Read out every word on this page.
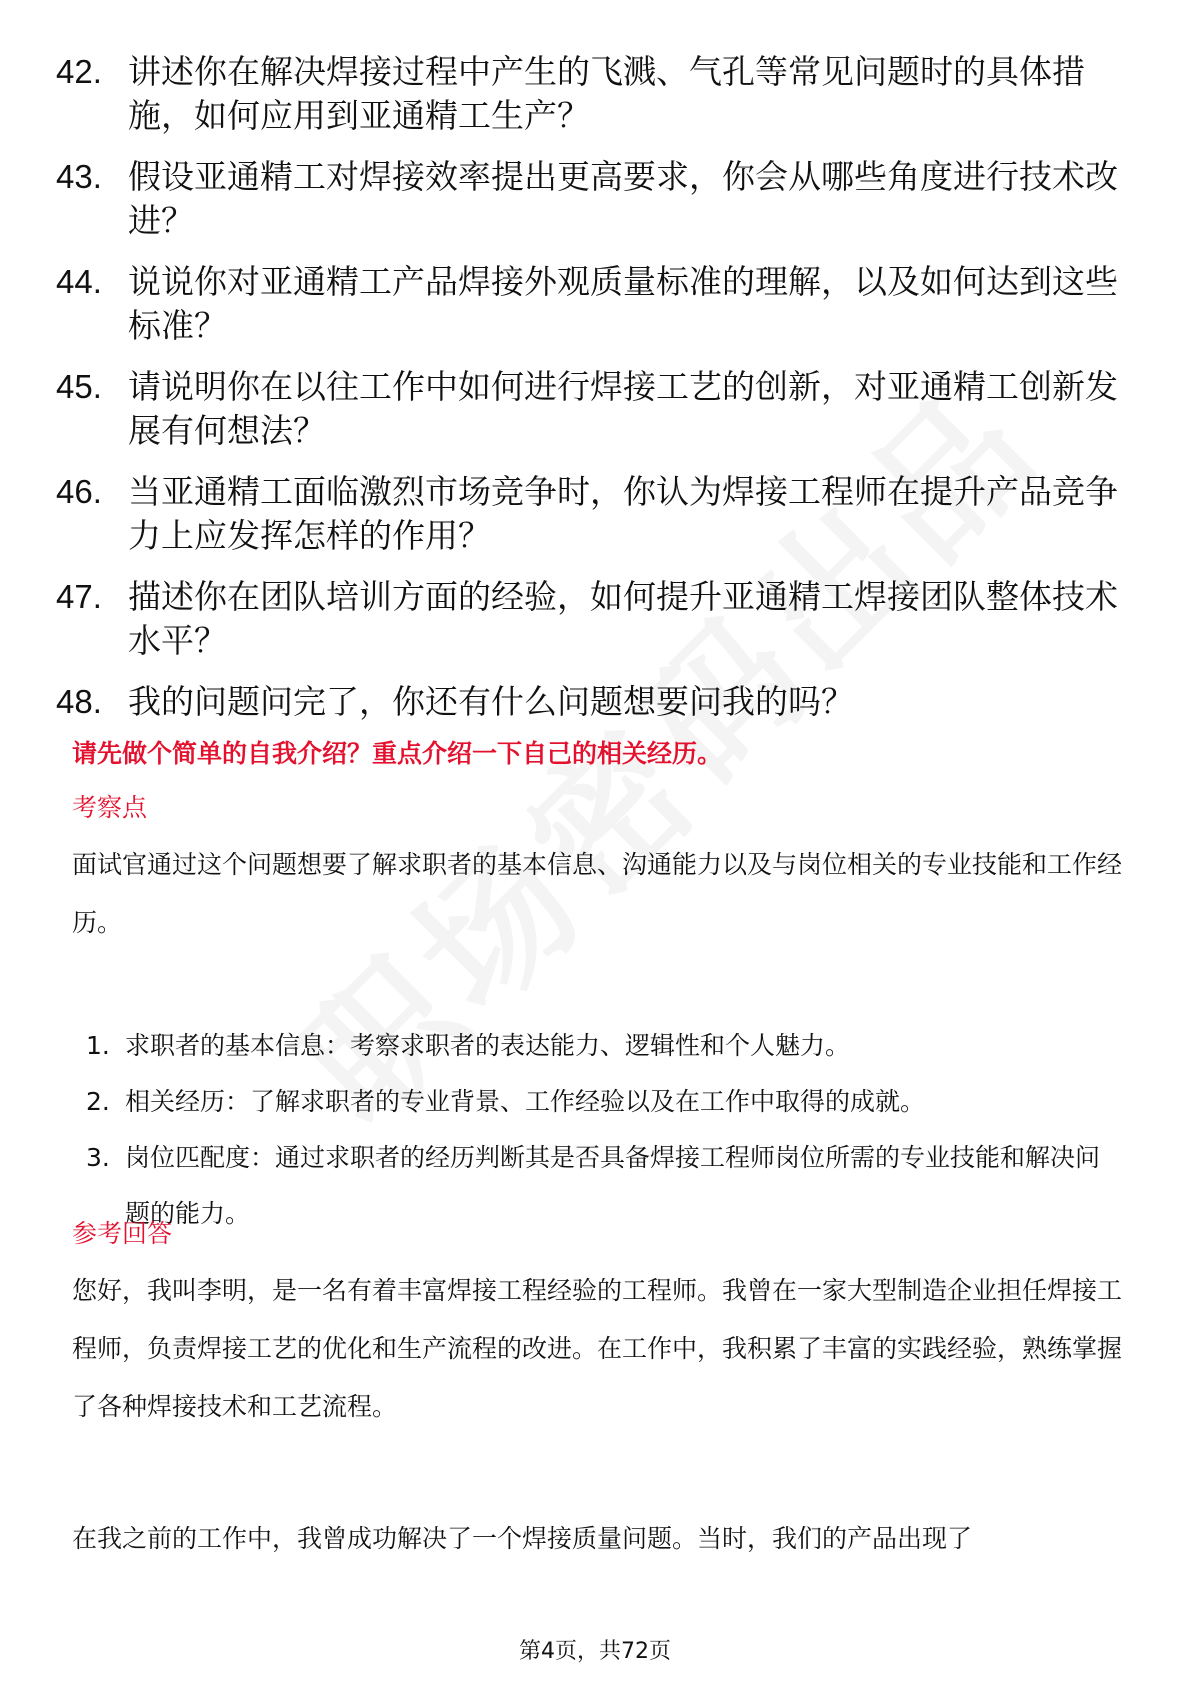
42. 讲述你在解决焊接过程中产生的飞溅、气孔等常见问题时的具体措施，如何应用到亚通精工生产？
43. 假设亚通精工对焊接效率提出更高要求，你会从哪些角度进行技术改进？
44. 说说你对亚通精工产品焊接外观质量标准的理解，以及如何达到这些标准？
45. 请说明你在以往工作中如何进行焊接工艺的创新，对亚通精工创新发展有何想法？
46. 当亚通精工面临激烈市场竞争时，你认为焊接工程师在提升产品竞争力上应发挥怎样的作用？
47. 描述你在团队培训方面的经验，如何提升亚通精工焊接团队整体技术水平？
48. 我的问题问完了，你还有什么问题想要问我的吗？
请先做个简单的自我介绍？重点介绍一下自己的相关经历。
考察点

面试官通过这个问题想要了解求职者的基本信息、沟通能力以及与岗位相关的专业技能和工作经历。

1. 求职者的基本信息：考察求职者的表达能力、逻辑性和个人魅力。
2. 相关经历：了解求职者的专业背景、工作经验以及在工作中取得的成就。
3. 岗位匹配度：通过求职者的经历判断其是否具备焊接工程师岗位所需的专业技能和解决问题的能力。
参考回答

您好，我叫李明，是一名有着丰富焊接工程经验的工程师。我曾在一家大型制造企业担任焊接工程师，负责焊接工艺的优化和生产流程的改进。在工作中，我积累了丰富的实践经验，熟练掌握了各种焊接技术和工艺流程。

在我之前的工作中，我曾成功解决了一个焊接质量问题。当时，我们的产品出现了

第4页，共72页
